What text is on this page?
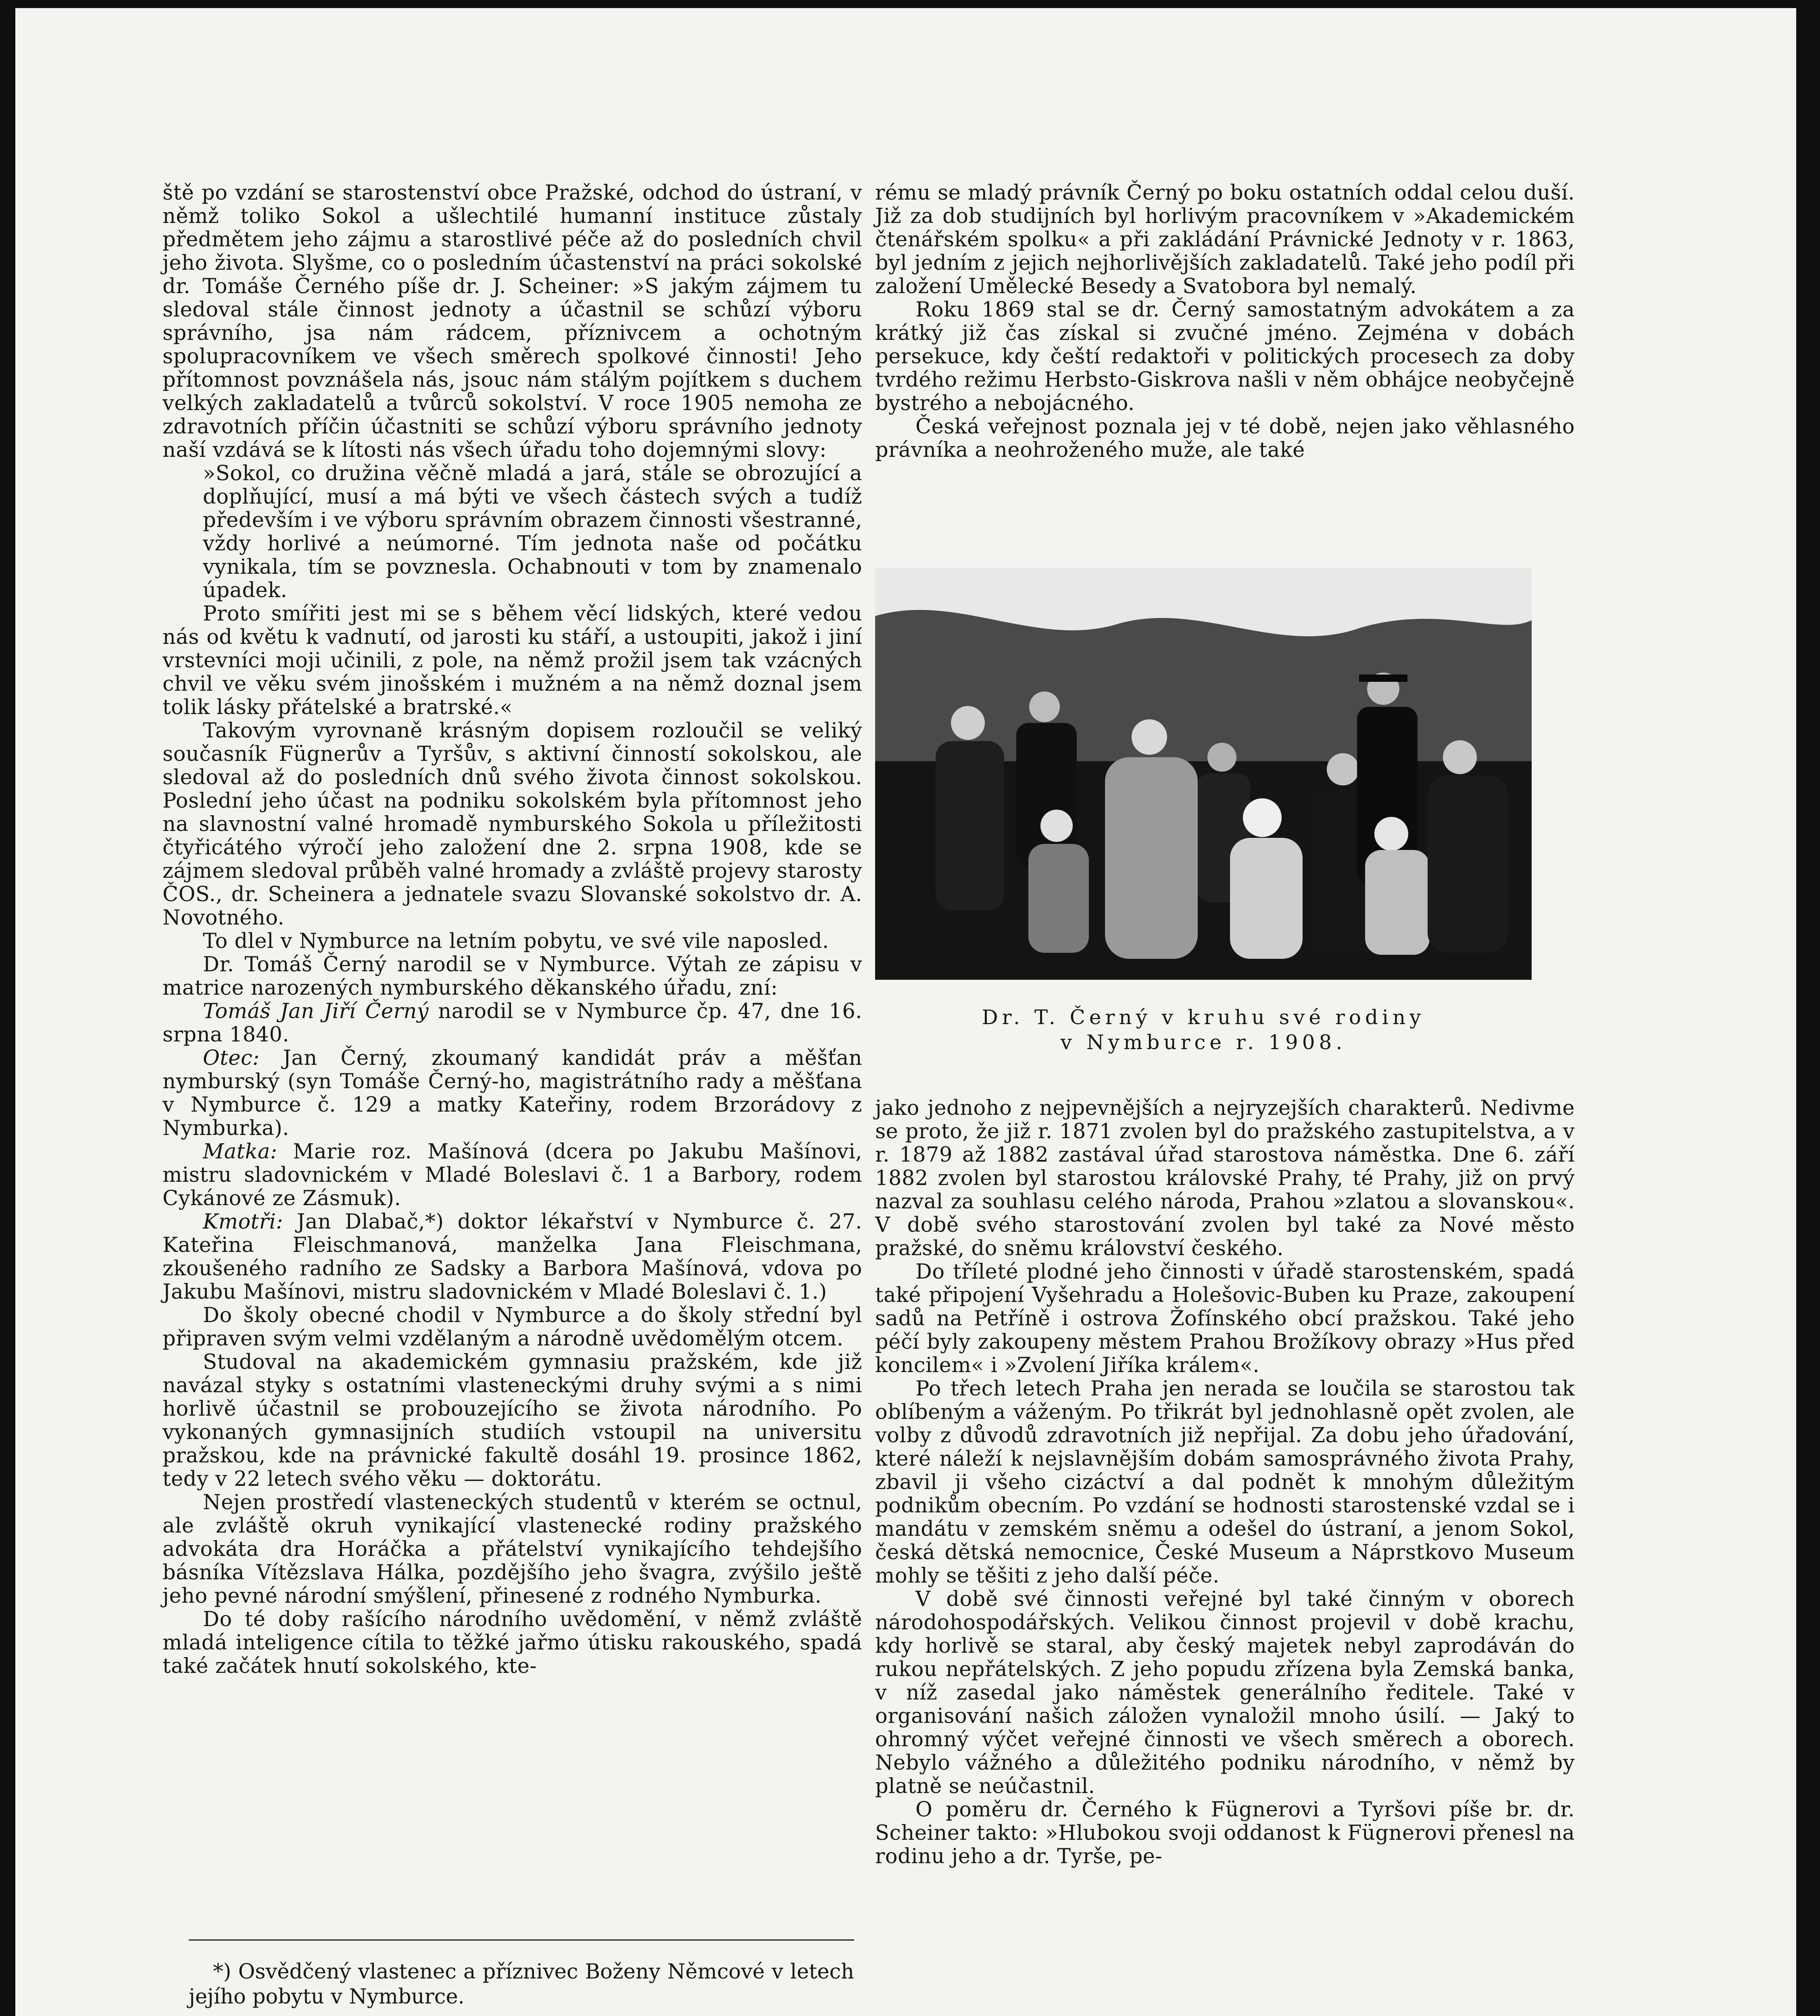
ště po vzdání se starostenství obce Pražské, odchod do ústraní, v němž toliko Sokol a ušlechtilé humanní instituce zůstaly předmětem jeho zájmu a starostlivé péče až do posledních chvil jeho života. Slyšme, co o posledním účastenství na práci sokolské dr. Tomáše Černého píše dr. J. Scheiner: »S jakým zájmem tu sledoval stále činnost jednoty a účastnil se schůzí výboru správního, jsa nám rádcem, příznivcem a ochotným spolupracovníkem ve všech směrech spolkové činnosti! Jeho přítomnost povznášela nás, jsouc nám stálým pojítkem s duchem velkých zakladatelů a tvůrců sokolství. V roce 1905 nemoha ze zdravotních příčin účastniti se schůzí výboru správního jednoty naší vzdává se k lítosti nás všech úřadu toho dojemnými slovy:

»Sokol, co družina věčně mladá a jará, stále se obrozující a doplňující, musí a má býti ve všech částech svých a tudíž především i ve výboru správním obrazem činnosti všestranné, vždy horlivé a neúmorné. Tím jednota naše od počátku vynikala, tím se povznesla. Ochabnouti v tom by znamenalo úpadek.

Proto smířiti jest mi se s během věcí lidských, které vedou nás od květu k vadnutí, od jarosti ku stáří, a ustoupiti, jakož i jiní vrstevníci moji učinili, z pole, na němž prožil jsem tak vzácných chvil ve věku svém jinošském i mužném a na němž doznal jsem tolik lásky přátelské a bratrské.«

Takovým vyrovnaně krásným dopisem rozloučil se veliký současník Fügnerův a Tyršův, s aktivní činností sokolskou, ale sledoval až do posledních dnů svého života činnost sokolskou. Poslední jeho účast na podniku sokolském byla přítomnost jeho na slavnostní valné hromadě nymburského Sokola u příležitosti čtyřicátého výročí jeho založení dne 2. srpna 1908, kde se zájmem sledoval průběh valné hromady a zvláště projevy starosty ČOS., dr. Scheinera a jednatele svazu Slovanské sokolstvo dr. A. Novotného.

To dlel v Nymburce na letním pobytu, ve své vile naposled.

Dr. Tomáš Černý narodil se v Nymburce. Výtah ze zápisu v matrice narozených nymburského děkanského úřadu, zní:

Tomáš Jan Jiří Černý narodil se v Nymburce čp. 47, dne 16. srpna 1840.

Otec: Jan Černý, zkoumaný kandidát práv a měšťan nymburský (syn Tomáše Černý-ho, magistrátního rady a měšťana v Nymburce č. 129 a matky Kateřiny, rodem Brzorádovy z Nymburka).

Matka: Marie roz. Mašínová (dcera po Jakubu Mašínovi, mistru sladovnickém v Mladé Boleslavi č. 1 a Barbory, rodem Cykánové ze Zásmuk).

Kmotři: Jan Dlabač,*) doktor lékařství v Nymburce č. 27. Kateřina Fleischmanová, manželka Jana Fleischmana, zkoušeného radního ze Sadsky a Barbora Mašínová, vdova po Jakubu Mašínovi, mistru sladovnickém v Mladé Boleslavi č. 1.)

Do školy obecné chodil v Nymburce a do školy střední byl připraven svým velmi vzdělaným a národně uvědomělým otcem.

Studoval na akademickém gymnasiu pražském, kde již navázal styky s ostatními vlasteneckými druhy svými a s nimi horlivě účastnil se probouzejícího se života národního. Po vykonaných gymnasijních studiích vstoupil na universitu pražskou, kde na právnické fakultě dosáhl 19. prosince 1862, tedy v 22 letech svého věku — doktorátu.

Nejen prostředí vlasteneckých studentů v kterém se octnul, ale zvláště okruh vynikající vlastenecké rodiny pražského advokáta dra Horáčka a přátelství vynikajícího tehdejšího básníka Vítězslava Hálka, pozdějšího jeho švagra, zvýšilo ještě jeho pevné národní smýšlení, přinesené z rodného Nymburka.

Do té doby rašícího národního uvědomění, v němž zvláště mladá inteligence cítila to těžké jařmo útisku rakouského, spadá také začátek hnutí sokolského, kte-

*) Osvědčený vlastenec a příznivec Boženy Němcové v letech jejího pobytu v Nymburce.

rému se mladý právník Černý po boku ostatních oddal celou duší. Již za dob studijních byl horlivým pracovníkem v »Akademickém čtenářském spolku« a při zakládání Právnické Jednoty v r. 1863, byl jedním z jejich nejhorlivějších zakladatelů. Také jeho podíl při založení Umělecké Besedy a Svatobora byl nemalý.

Roku 1869 stal se dr. Černý samostatným advokátem a za krátký již čas získal si zvučné jméno. Zejména v dobách persekuce, kdy čeští redaktoři v politických procesech za doby tvrdého režimu Herbsto-Giskrova našli v něm obhájce neobyčejně bystrého a nebojácného.

Česká veřejnost poznala jej v té době, nejen jako věhlasného právníka a neohroženého muže, ale také

Dr. T. Černý v kruhu své rodiny
v Nymburce r. 1908.

jako jednoho z nejpevnějších a nejryzejších charakterů. Nedivme se proto, že již r. 1871 zvolen byl do pražského zastupitelstva, a v r. 1879 až 1882 zastával úřad starostova náměstka. Dne 6. září 1882 zvolen byl starostou královské Prahy, té Prahy, již on prvý nazval za souhlasu celého národa, Prahou »zlatou a slovanskou«. V době svého starostování zvolen byl také za Nové město pražské, do sněmu království českého.

Do tříleté plodné jeho činnosti v úřadě starostenském, spadá také připojení Vyšehradu a Holešovic-Buben ku Praze, zakoupení sadů na Petříně i ostrova Žofínského obcí pražskou. Také jeho péčí byly zakoupeny městem Prahou Brožíkovy obrazy »Hus před koncilem« i »Zvolení Jiříka králem«.

Po třech letech Praha jen nerada se loučila se starostou tak oblíbeným a váženým. Po třikrát byl jednohlasně opět zvolen, ale volby z důvodů zdravotních již nepřijal. Za dobu jeho úřadování, které náleží k nejslavnějším dobám samosprávného života Prahy, zbavil ji všeho cizáctví a dal podnět k mnohým důležitým podnikům obecním. Po vzdání se hodnosti starostenské vzdal se i mandátu v zemském sněmu a odešel do ústraní, a jenom Sokol, česká dětská nemocnice, České Museum a Náprstkovo Museum mohly se těšiti z jeho další péče.

V době své činnosti veřejné byl také činným v oborech národohospodářských. Velikou činnost projevil v době krachu, kdy horlivě se staral, aby český majetek nebyl zaprodáván do rukou nepřátelských. Z jeho popudu zřízena byla Zemská banka, v níž zasedal jako náměstek generálního ředitele. Také v organisování našich záložen vynaložil mnoho úsilí. — Jaký to ohromný výčet veřejné činnosti ve všech směrech a oborech. Nebylo vážného a důležitého podniku národního, v němž by platně se neúčastnil.

O poměru dr. Černého k Fügnerovi a Tyršovi píše br. dr. Scheiner takto: »Hlubokou svoji oddanost k Fügnerovi přenesl na rodinu jeho a dr. Tyrše, pe-
